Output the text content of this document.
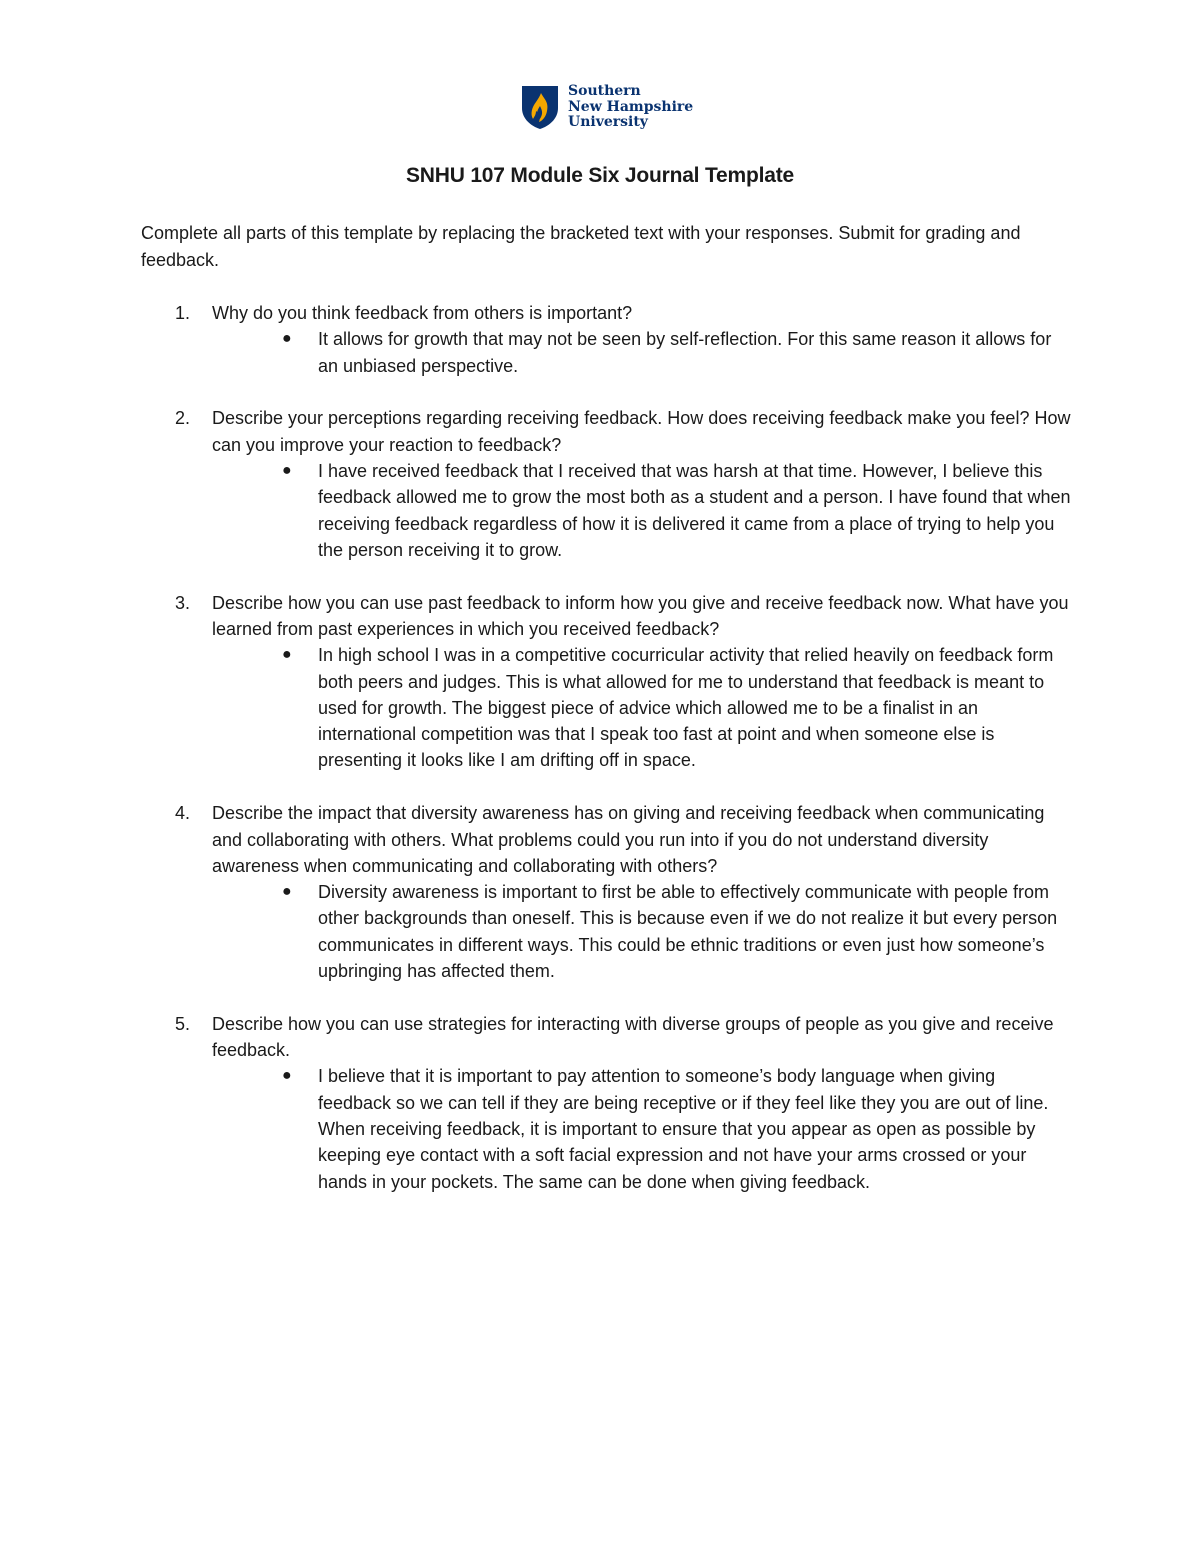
Southern
New Hampshire
University
SNHU 107 Module Six Journal Template
Complete all parts of this template by replacing the bracketed text with your responses. Submit for grading and feedback.
1. Why do you think feedback from others is important?
● It allows for growth that may not be seen by self-reflection. For this same reason it allows for an unbiased perspective.
2. Describe your perceptions regarding receiving feedback. How does receiving feedback make you feel? How can you improve your reaction to feedback?
● I have received feedback that I received that was harsh at that time. However, I believe this feedback allowed me to grow the most both as a student and a person. I have found that when receiving feedback regardless of how it is delivered it came from a place of trying to help you the person receiving it to grow.
3. Describe how you can use past feedback to inform how you give and receive feedback now. What have you learned from past experiences in which you received feedback?
● In high school I was in a competitive cocurricular activity that relied heavily on feedback form both peers and judges. This is what allowed for me to understand that feedback is meant to used for growth. The biggest piece of advice which allowed me to be a finalist in an international competition was that I speak too fast at point and when someone else is presenting it looks like I am drifting off in space.
4. Describe the impact that diversity awareness has on giving and receiving feedback when communicating and collaborating with others. What problems could you run into if you do not understand diversity awareness when communicating and collaborating with others?
● Diversity awareness is important to first be able to effectively communicate with people from other backgrounds than oneself. This is because even if we do not realize it but every person communicates in different ways. This could be ethnic traditions or even just how someone’s upbringing has affected them.
5. Describe how you can use strategies for interacting with diverse groups of people as you give and receive feedback.
● I believe that it is important to pay attention to someone’s body language when giving feedback so we can tell if they are being receptive or if they feel like they you are out of line. When receiving feedback, it is important to ensure that you appear as open as possible by keeping eye contact with a soft facial expression and not have your arms crossed or your hands in your pockets. The same can be done when giving feedback.
